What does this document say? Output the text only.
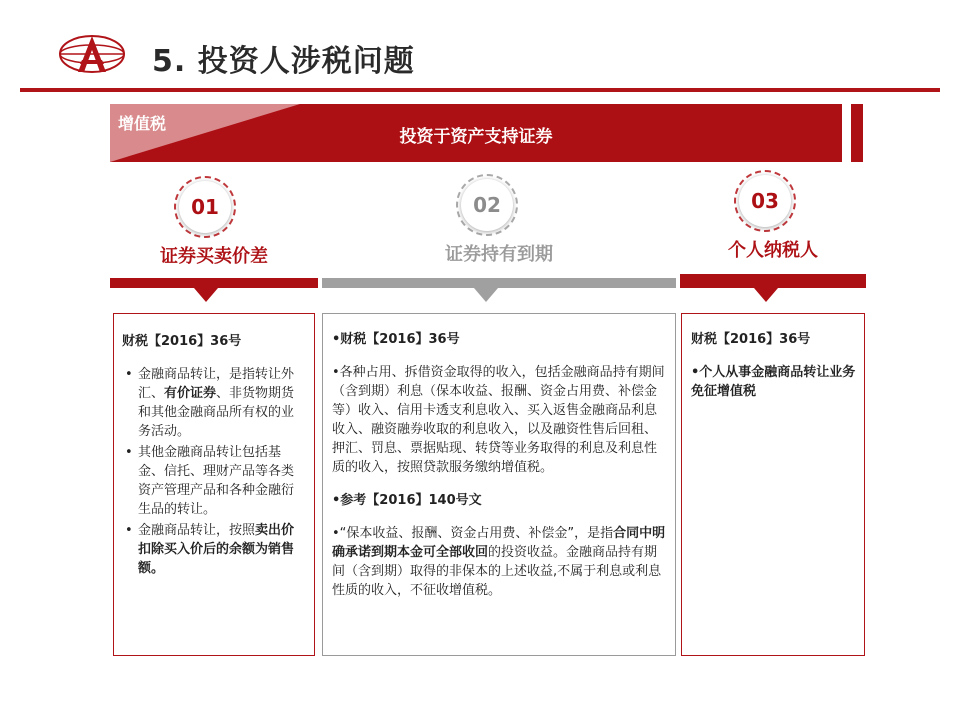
5. 投资人涉税问题
增值税
投资于资产支持证券
01
证券买卖价差
财税【2016】36号
• 金融商品转让，是指转让外汇、有价证券、非货物期货和其他金融商品所有权的业务活动。
• 其他金融商品转让包括基金、信托、理财产品等各类资产管理产品和各种金融衍生品的转让。
• 金融商品转让，按照卖出价扣除买入价后的余额为销售额。
02
证券持有到期
•财税【2016】36号
•各种占用、拆借资金取得的收入，包括金融商品持有期间（含到期）利息（保本收益、报酬、资金占用费、补偿金等）收入、信用卡透支利息收入、买入返售金融商品利息收入、融资融券收取的利息收入，以及融资性售后回租、押汇、罚息、票据贴现、转贷等业务取得的利息及利息性质的收入，按照贷款服务缴纳增值税。
•参考【2016】140号文
•“保本收益、报酬、资金占用费、补偿金”，是指合同中明确承诺到期本金可全部收回的投资收益。金融商品持有期间（含到期）取得的非保本的上述收益,不属于利息或利息性质的收入，不征收增值税。
03
个人纳税人
财税【2016】36号
•个人从事金融商品转让业务免征增值税
